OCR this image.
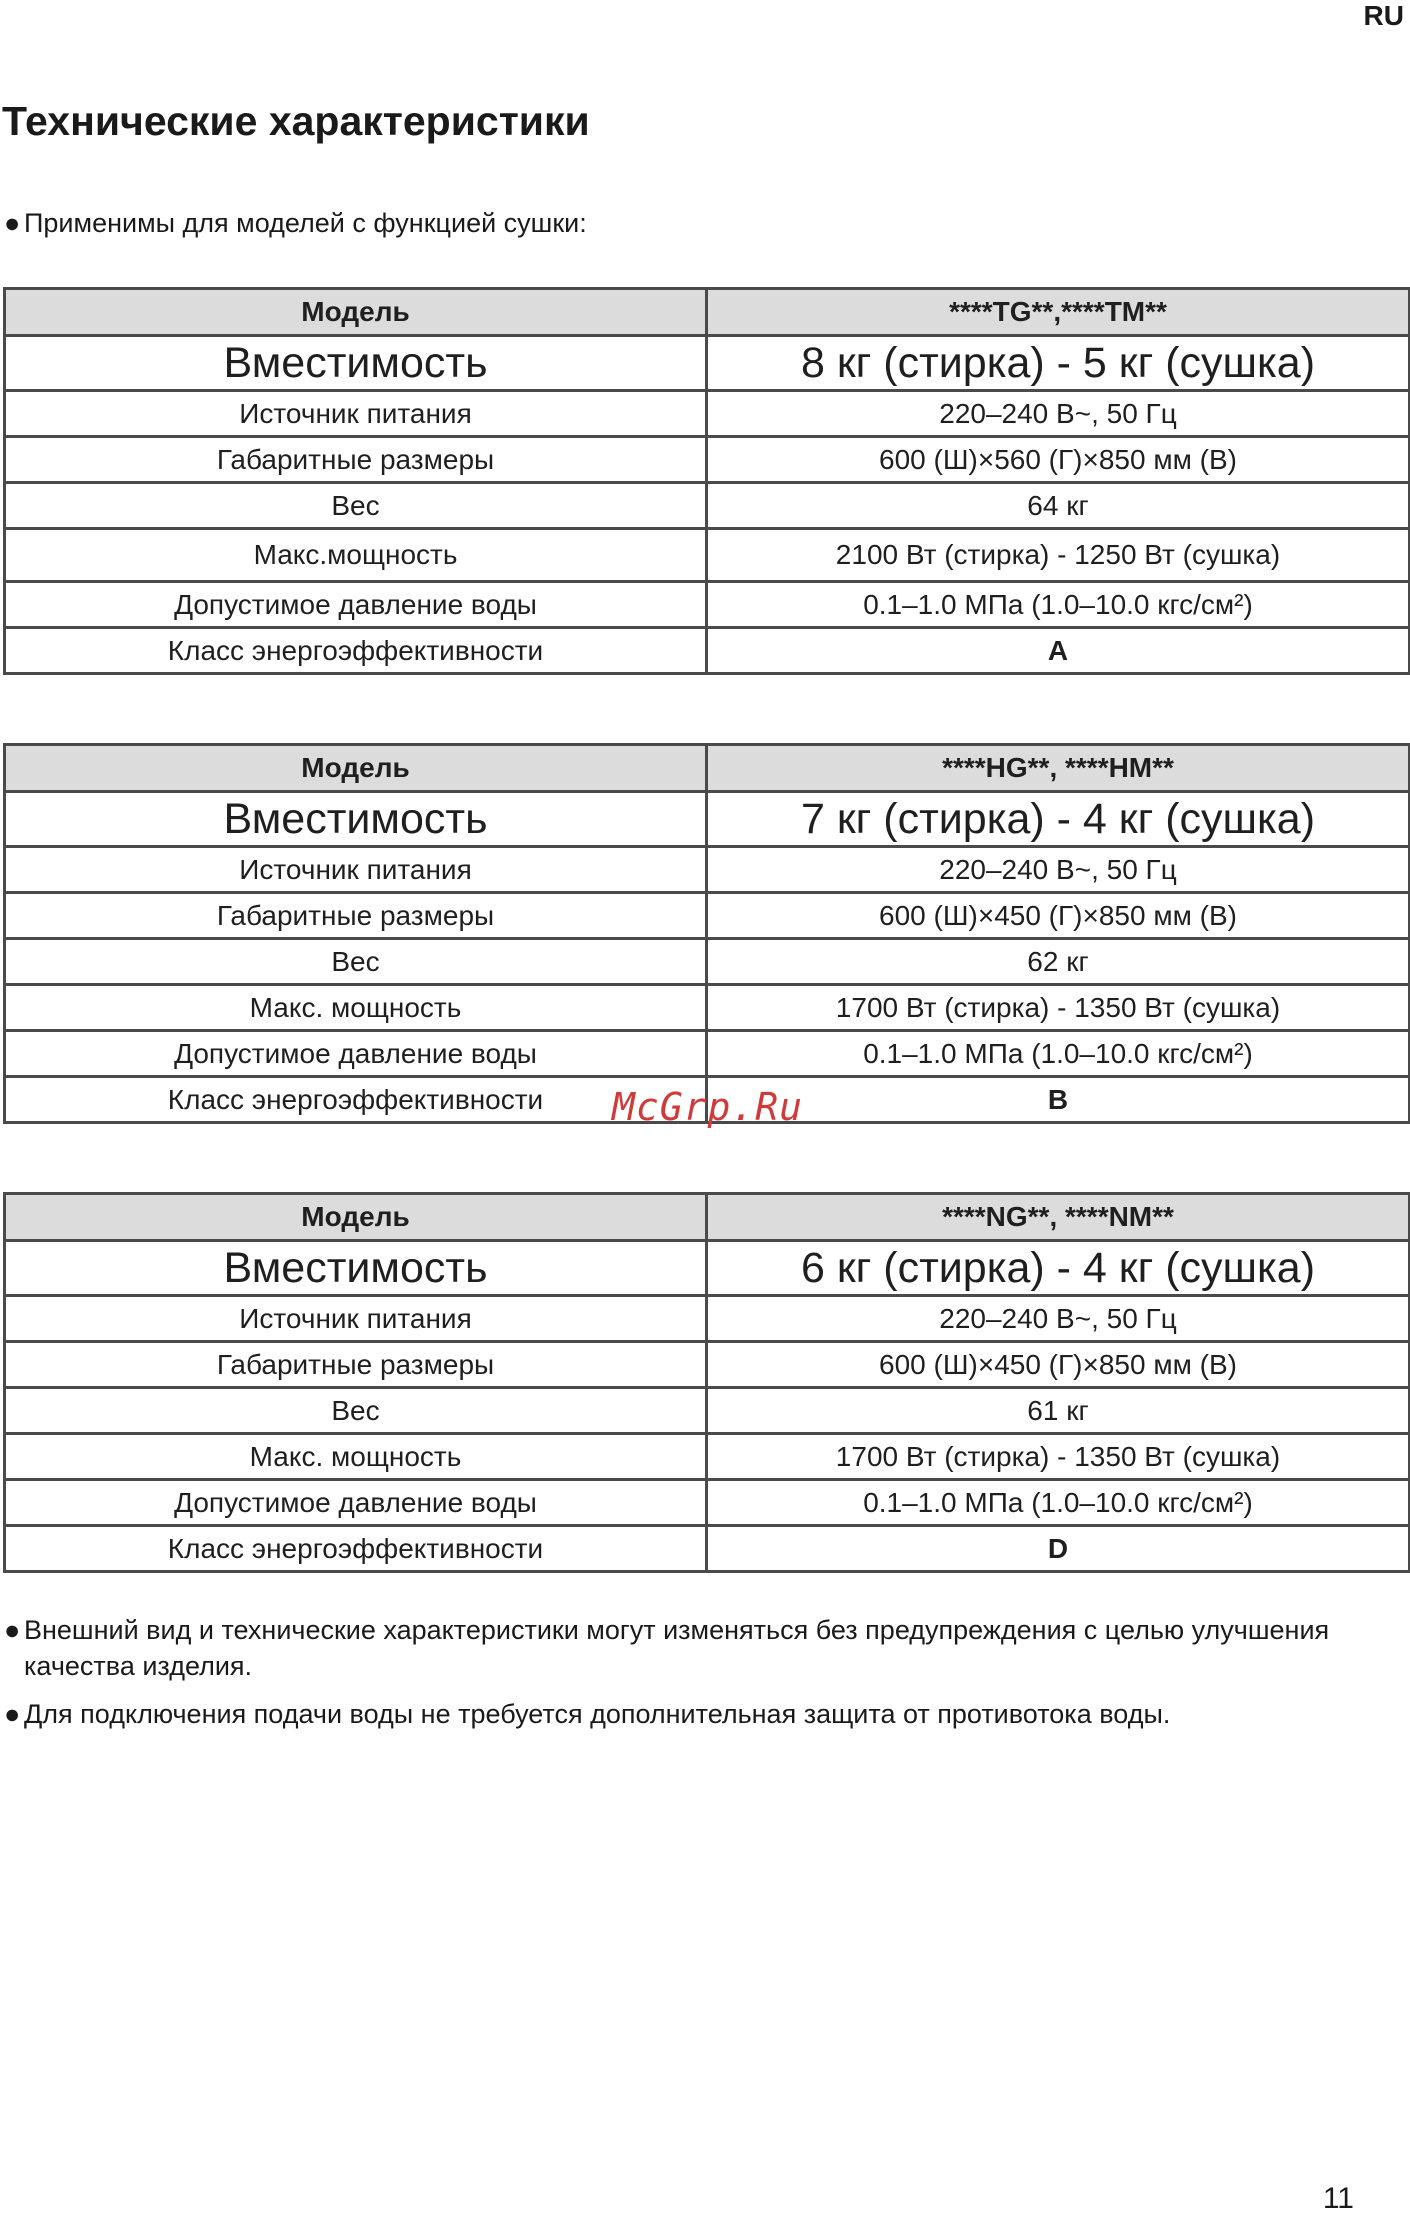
RU
Технические характеристики
● Применимы для моделей с функцией сушки:
Модель	****TG**,****TM**
Вместимость	8 кг (стирка) - 5 кг (сушка)
Источник питания	220–240 В~, 50 Гц
Габаритные размеры	600 (Ш)×560 (Г)×850 мм (В)
Вес	64 кг
Макс.мощность	2100 Вт (стирка) - 1250 Вт (сушка)
Допустимое давление воды	0.1–1.0 МПа (1.0–10.0 кгс/см²)
Класс энергоэффективности	A
Модель	****HG**, ****HM**
Вместимость	7 кг (стирка) - 4 кг (сушка)
Источник питания	220–240 В~, 50 Гц
Габаритные размеры	600 (Ш)×450 (Г)×850 мм (В)
Вес	62 кг
Макс. мощность	1700 Вт (стирка) - 1350 Вт (сушка)
Допустимое давление воды	0.1–1.0 МПа (1.0–10.0 кгс/см²)
Класс энергоэффективности	B
Модель	****NG**, ****NM**
Вместимость	6 кг (стирка) - 4 кг (сушка)
Источник питания	220–240 В~, 50 Гц
Габаритные размеры	600 (Ш)×450 (Г)×850 мм (В)
Вес	61 кг
Макс. мощность	1700 Вт (стирка) - 1350 Вт (сушка)
Допустимое давление воды	0.1–1.0 МПа (1.0–10.0 кгс/см²)
Класс энергоэффективности	D
McGrp.Ru
● Внешний вид и технические характеристики могут изменяться без предупреждения с целью улучшения качества изделия.
● Для подключения подачи воды не требуется дополнительная защита от противотока воды.
11
